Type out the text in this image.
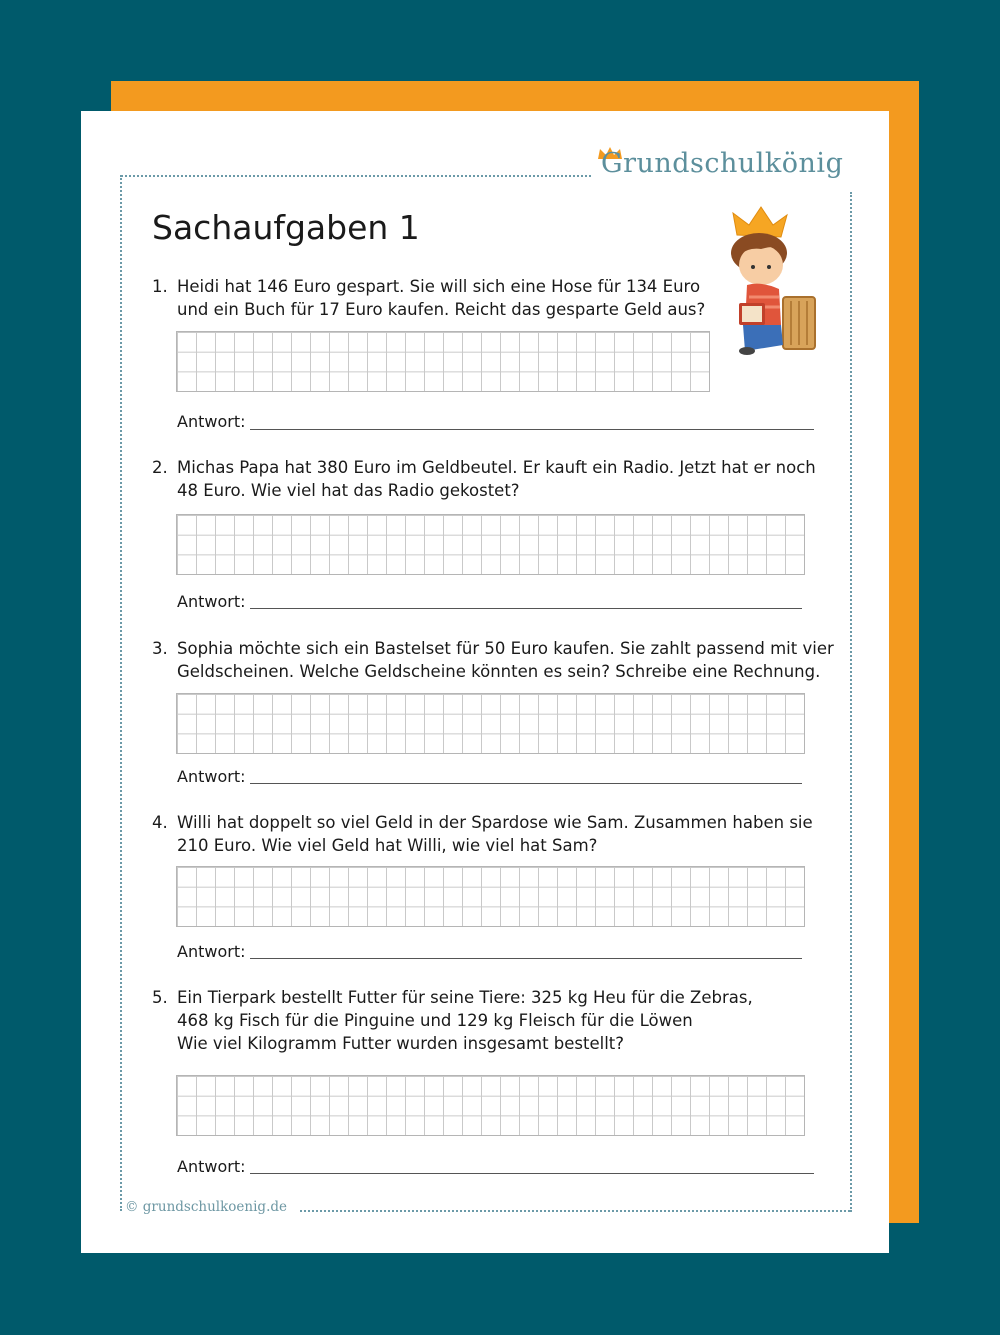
Grundschulkönig
Sachaufgaben 1
1. Heidi hat 146 Euro gespart. Sie will sich eine Hose für 134 Euro
und ein Buch für 17 Euro kaufen. Reicht das gesparte Geld aus?
Antwort:
2. Michas Papa hat 380 Euro im Geldbeutel. Er kauft ein Radio. Jetzt hat er noch
48 Euro. Wie viel hat das Radio gekostet?
Antwort:
3. Sophia möchte sich ein Bastelset für 50 Euro kaufen. Sie zahlt passend mit vier
Geldscheinen. Welche Geldscheine könnten es sein? Schreibe eine Rechnung.
Antwort:
4. Willi hat doppelt so viel Geld in der Spardose wie Sam. Zusammen haben sie
210 Euro. Wie viel Geld hat Willi, wie viel hat Sam?
Antwort:
5. Ein Tierpark bestellt Futter für seine Tiere: 325 kg Heu für die Zebras,
468 kg Fisch für die Pinguine und 129 kg Fleisch für die Löwen
Wie viel Kilogramm Futter wurden insgesamt bestellt?
Antwort:
© grundschulkoenig.de
